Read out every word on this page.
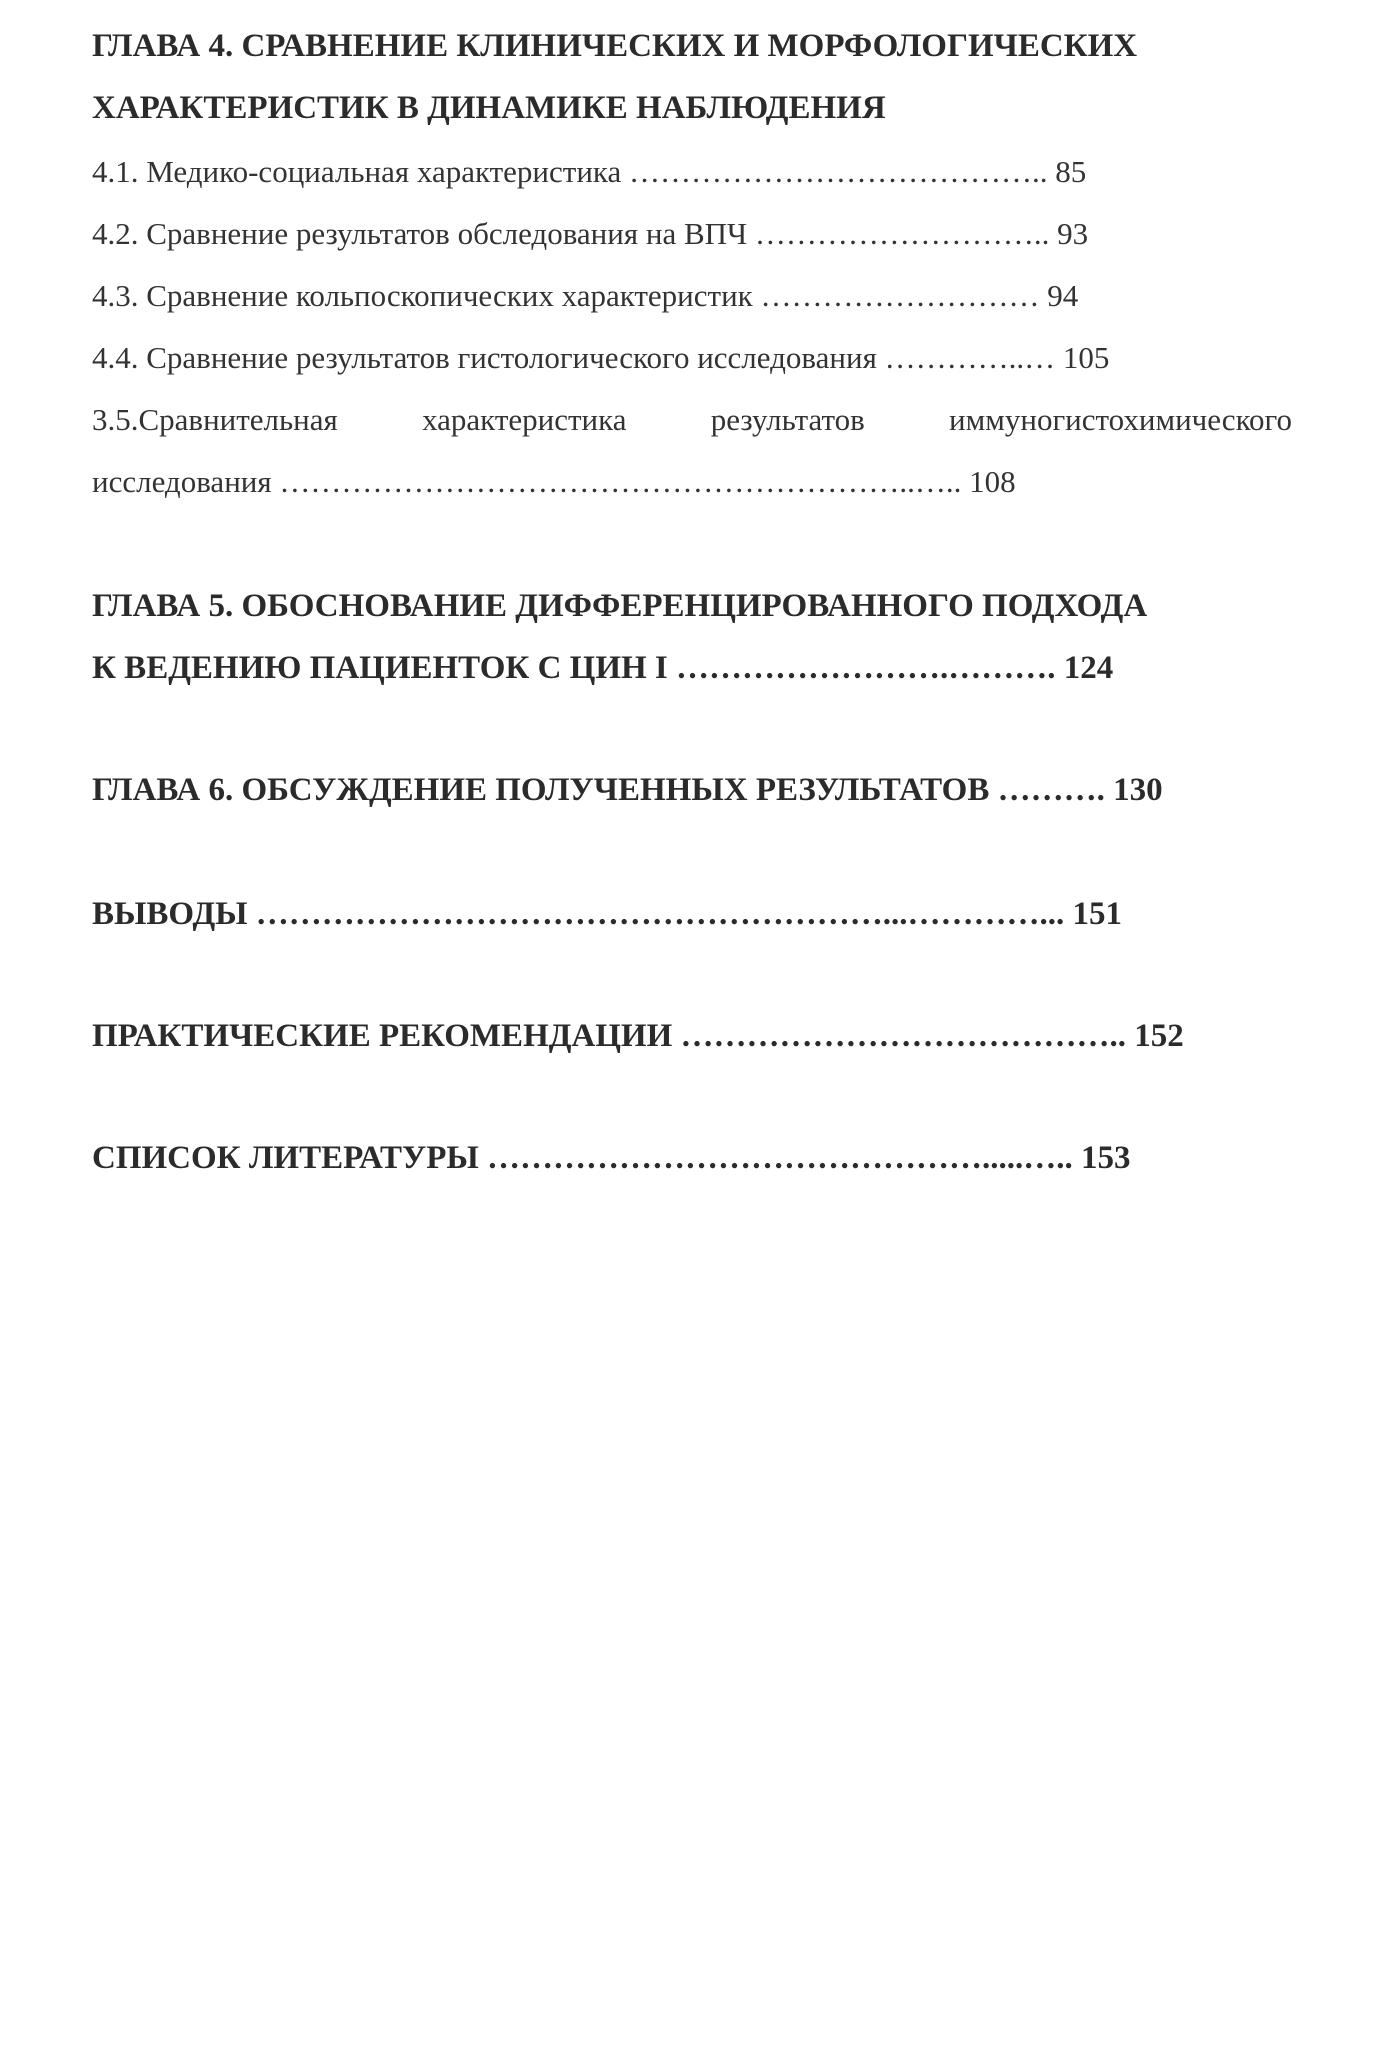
ГЛАВА 4. СРАВНЕНИЕ КЛИНИЧЕСКИХ И МОРФОЛОГИЧЕСКИХ
ХАРАКТЕРИСТИК В ДИНАМИКЕ НАБЛЮДЕНИЯ
4.1. Медико-социальная характеристика ………………………………….. 85
4.2. Сравнение результатов обследования на ВПЧ ……………………….. 93
4.3. Сравнение кольпоскопических характеристик ……………………… 94
4.4. Сравнение результатов гистологического исследования …………..… 105
3.5.Сравнительная характеристика результатов иммуногистохимического
исследования ……………………………………………………..….. 108
ГЛАВА 5. ОБОСНОВАНИЕ ДИФФЕРЕНЦИРОВАННОГО ПОДХОДА
К ВЕДЕНИЮ ПАЦИЕНТОК С ЦИН I …………………….………. 124
ГЛАВА 6. ОБСУЖДЕНИЕ ПОЛУЧЕННЫХ РЕЗУЛЬТАТОВ ………. 130
ВЫВОДЫ …………………………………………………...…………... 151
ПРАКТИЧЕСКИЕ РЕКОМЕНДАЦИИ ………………………………….. 152
СПИСОК ЛИТЕРАТУРЫ ……………………………………….....….. 153
